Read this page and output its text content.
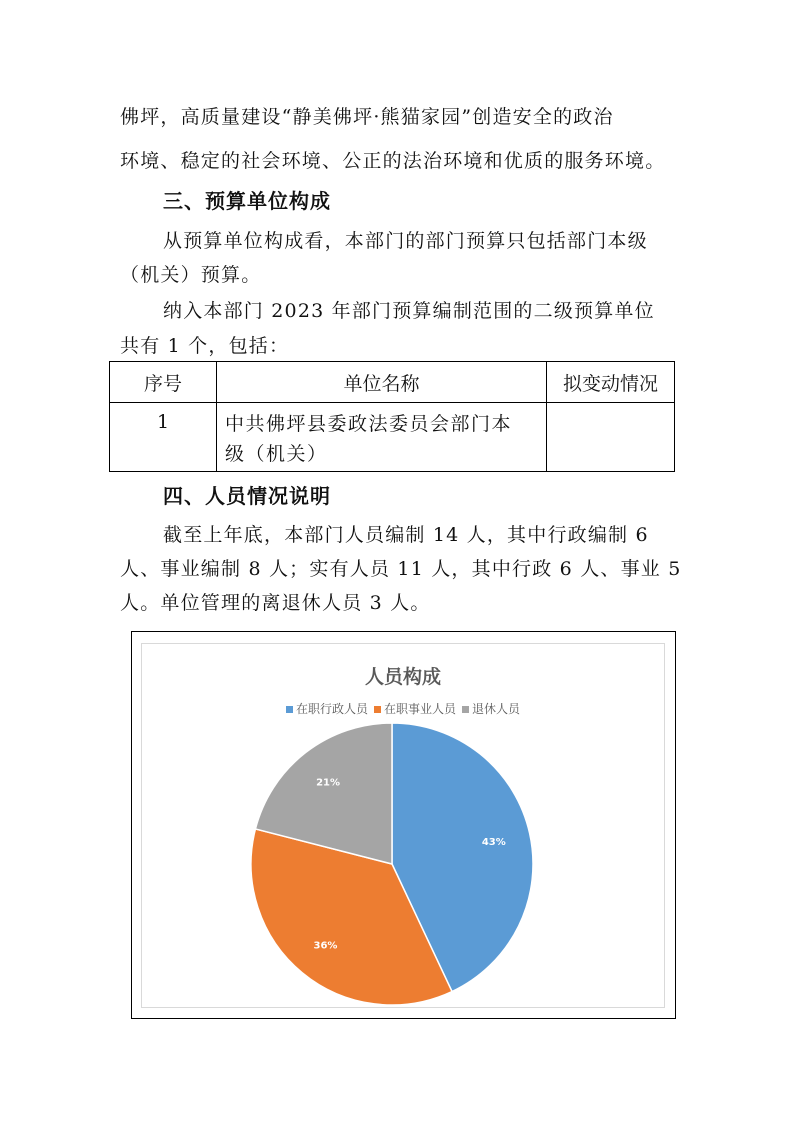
佛坪，高质量建设“静美佛坪·熊猫家园”创造安全的政治
环境、稳定的社会环境、公正的法治环境和优质的服务环境。
三、预算单位构成
从预算单位构成看，本部门的部门预算只包括部门本级
（机关）预算。
纳入本部门 2023 年部门预算编制范围的二级预算单位
共有 1 个，包括：
序号	单位名称	拟变动情况
1	中共佛坪县委政法委员会部门本
级（机关）	

四、人员情况说明
截至上年底，本部门人员编制 14 人，其中行政编制 6
人、事业编制 8 人；实有人员 11 人，其中行政 6 人、事业 5
人。单位管理的离退休人员 3 人。
人员构成
在职行政人员 在职事业人员 退休人员
43%
36%
21%
